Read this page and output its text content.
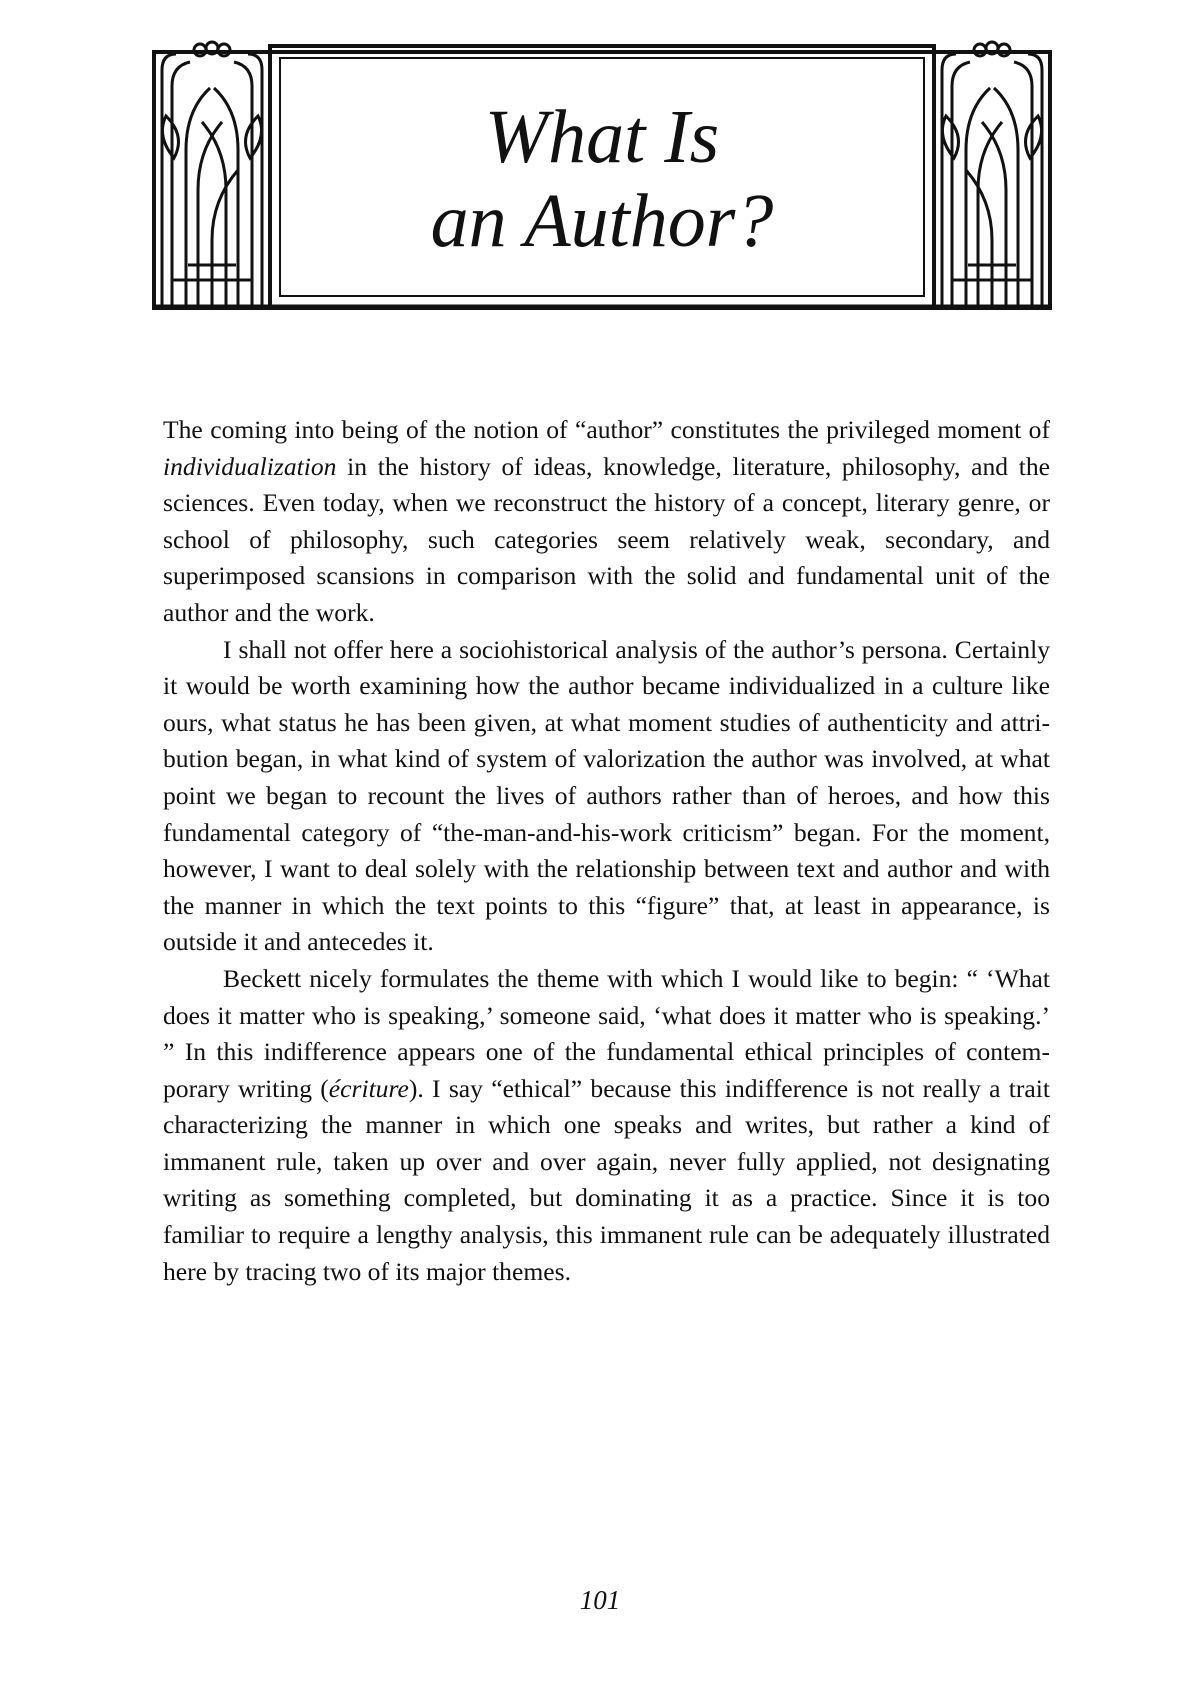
What Is
an Author?

The coming into being of the notion of “author” constitutes the privileged moment of individualization in the history of ideas, knowledge, literature, philosophy, and the sciences. Even today, when we reconstruct the history of a concept, literary genre, or school of philosophy, such categories seem relatively weak, secondary, and superimposed scansions in comparison with the solid and fundamental unit of the author and the work.

I shall not offer here a sociohistorical analysis of the author’s persona. Certainly it would be worth examining how the author became individualized in a culture like ours, what status he has been given, at what moment studies of authenticity and attribution began, in what kind of system of valorization the author was involved, at what point we began to recount the lives of authors rather than of heroes, and how this fundamental category of “the-man-and-his-work criticism” began. For the moment, however, I want to deal solely with the relationship between text and author and with the manner in which the text points to this “figure” that, at least in appearance, is outside it and antecedes it.

Beckett nicely formulates the theme with which I would like to begin: “ ‘What does it matter who is speaking,’ someone said, ‘what does it matter who is speaking.’ ” In this indifference appears one of the fundamental ethical principles of contemporary writing (écriture). I say “ethical” because this indifference is not really a trait characterizing the manner in which one speaks and writes, but rather a kind of immanent rule, taken up over and over again, never fully applied, not designating writing as something completed, but dominating it as a practice. Since it is too familiar to require a lengthy analysis, this immanent rule can be adequately illustrated here by tracing two of its major themes.

101
